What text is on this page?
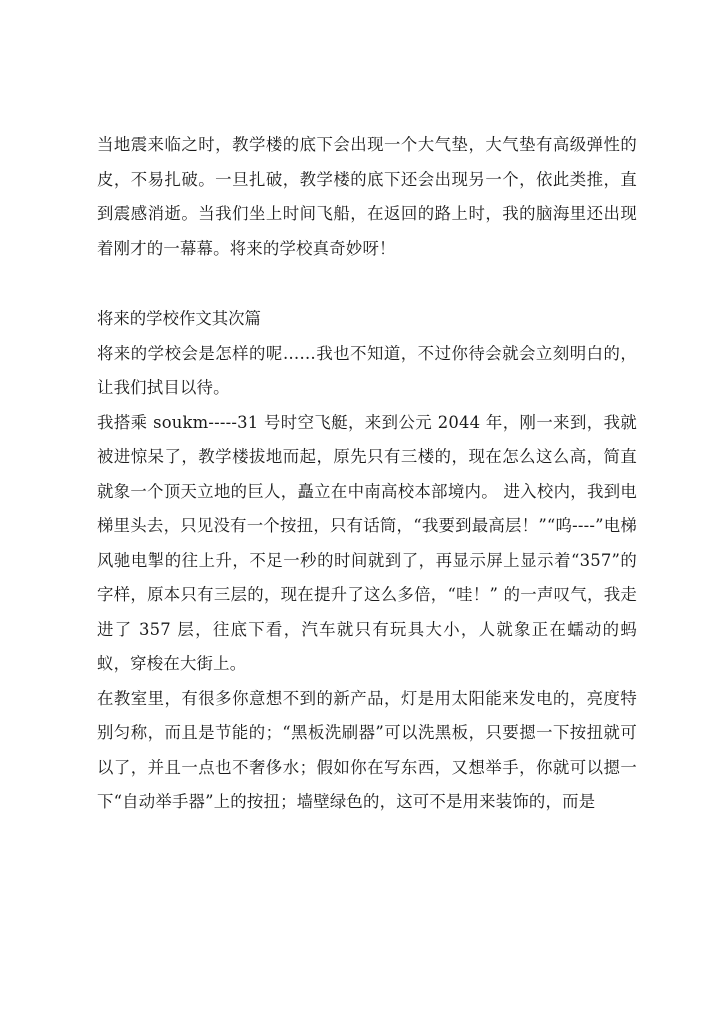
当地震来临之时，教学楼的底下会出现一个大气垫，大气垫有高级弹性的皮，不易扎破。一旦扎破，教学楼的底下还会出现另一个，依此类推，直到震感消逝。当我们坐上时间飞船，在返回的路上时，我的脑海里还出现着刚才的一幕幕。将来的学校真奇妙呀！

将来的学校作文其次篇

将来的学校会是怎样的呢……我也不知道，不过你待会就会立刻明白的，让我们拭目以待。

我搭乘 soukm-----31 号时空飞艇，来到公元 2044 年，刚一来到，我就被进惊呆了，教学楼拔地而起，原先只有三楼的，现在怎么这么高，简直就象一个顶天立地的巨人，矗立在中南高校本部境内。 进入校内，我到电梯里头去，只见没有一个按扭，只有话筒，“我要到最高层！”“呜----”电梯风驰电掣的往上升，不足一秒的时间就到了，再显示屏上显示着“357”的字样，原本只有三层的，现在提升了这么多倍，“哇！” 的一声叹气，我走进了 357 层，往底下看，汽车就只有玩具大小，人就象正在蠕动的蚂蚁，穿梭在大街上。

在教室里，有很多你意想不到的新产品，灯是用太阳能来发电的，亮度特别匀称，而且是节能的；“黑板洗刷器”可以洗黑板，只要摁一下按扭就可以了，并且一点也不奢侈水；假如你在写东西，又想举手，你就可以摁一下“自动举手器”上的按扭；墙壁绿色的，这可不是用来装饰的，而是
